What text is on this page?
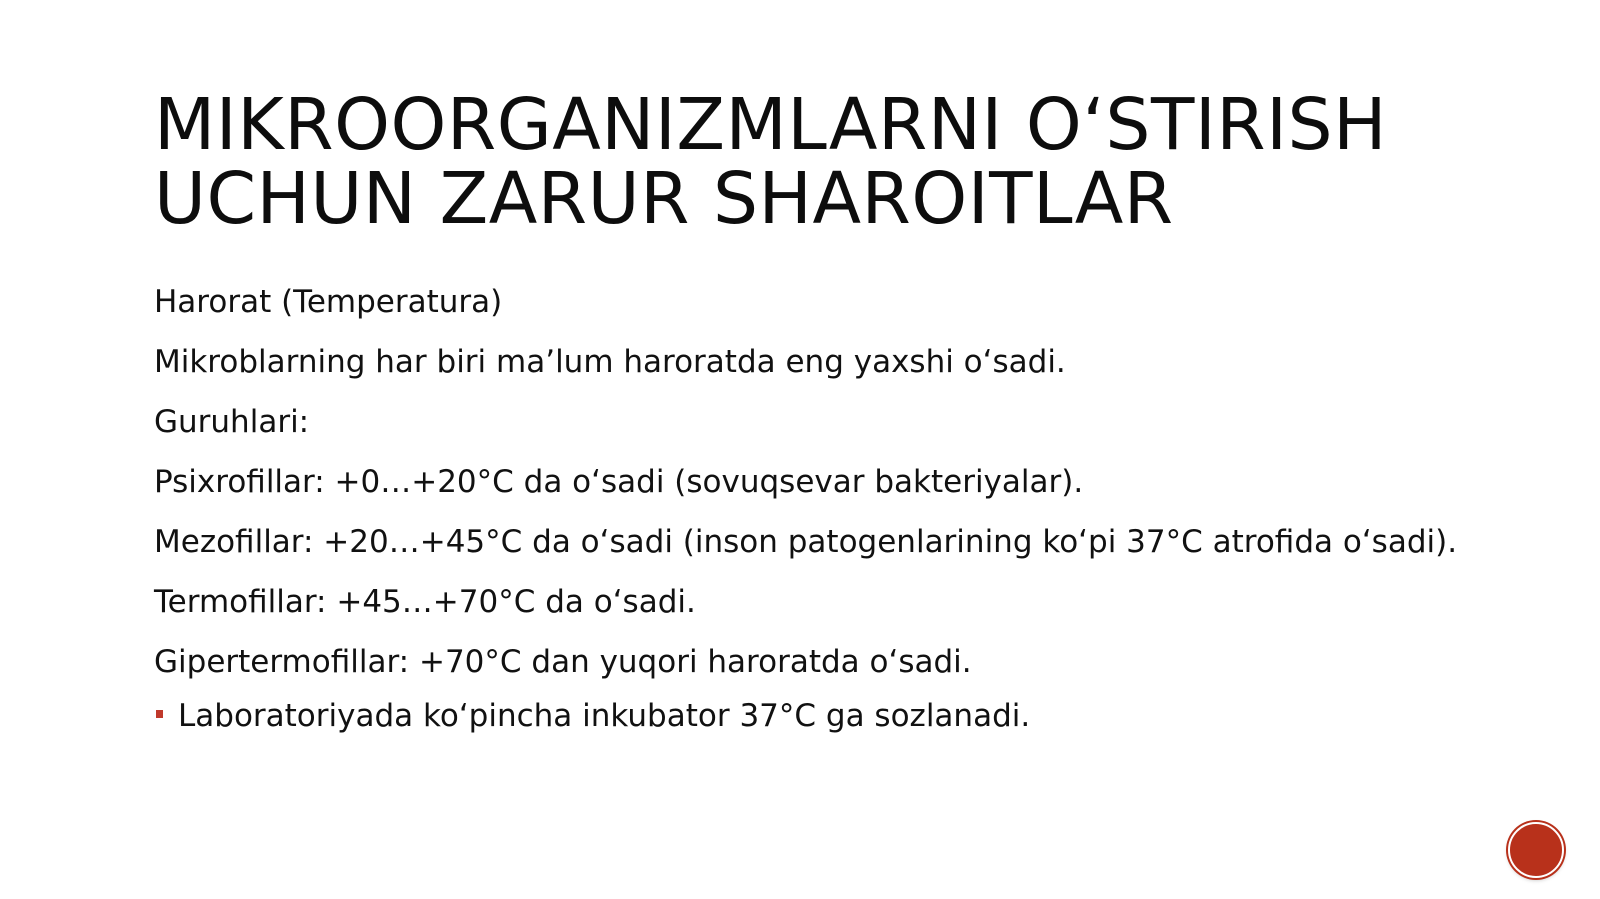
MIKROORGANIZMLARNI O‘STIRISH
UCHUN ZARUR SHAROITLAR

Harorat (Temperatura)

Mikroblarning har biri ma’lum haroratda eng yaxshi o‘sadi.

Guruhlari:

Psixrofillar: +0…+20°C da o‘sadi (sovuqsevar bakteriyalar).

Mezofillar: +20…+45°C da o‘sadi (inson patogenlarining ko‘pi 37°C atrofida o‘sadi).

Termofillar: +45…+70°C da o‘sadi.

Gipertermofillar: +70°C dan yuqori haroratda o‘sadi.

Laboratoriyada ko‘pincha inkubator 37°C ga sozlanadi.
